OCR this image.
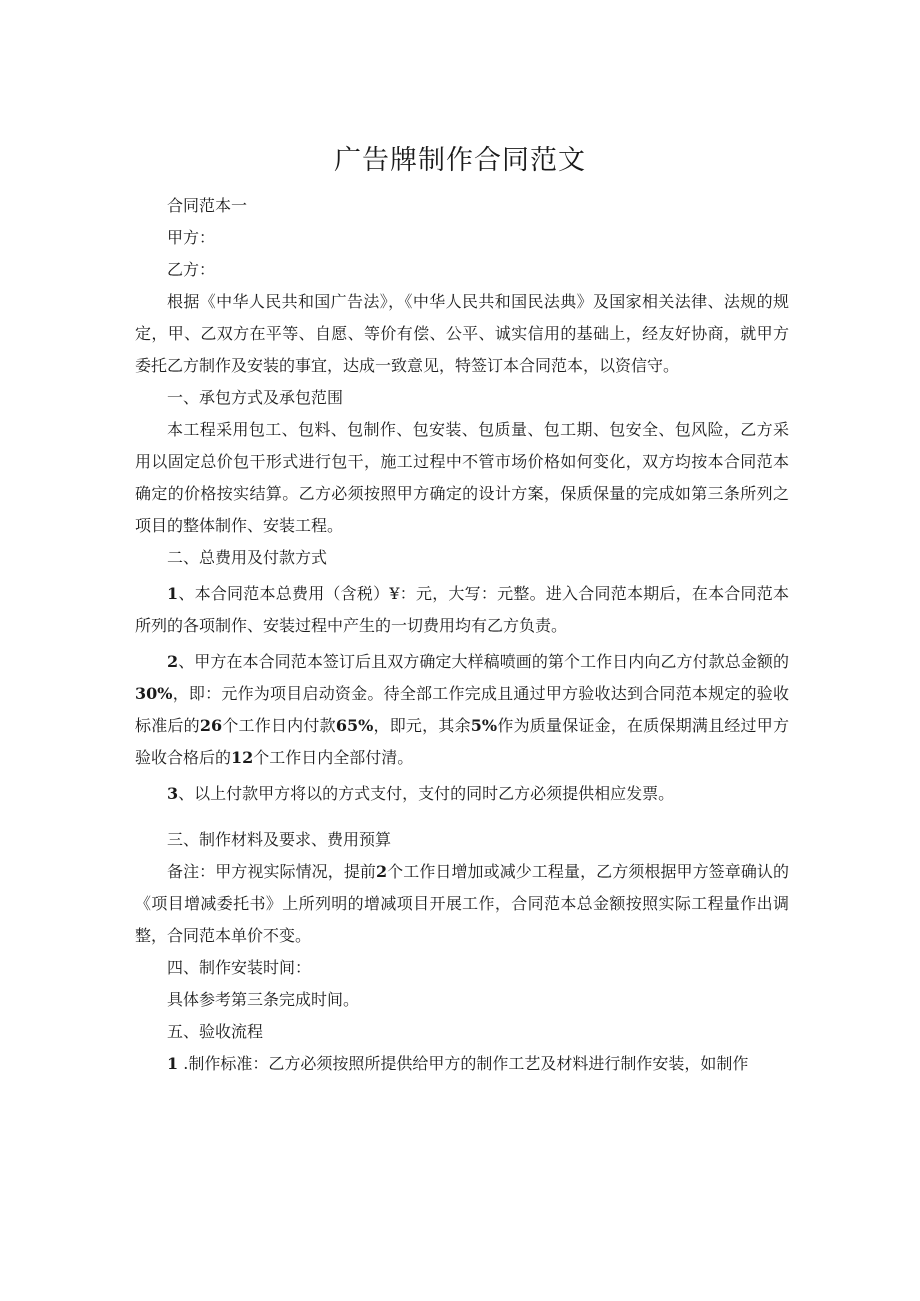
广告牌制作合同范文

合同范本一

甲方：

乙方：

根据《中华人民共和国广告法》，《中华人民共和国民法典》及国家相关法律、法规的规定，甲、乙双方在平等、自愿、等价有偿、公平、诚实信用的基础上，经友好协商，就甲方委托乙方制作及安装的事宜，达成一致意见，特签订本合同范本，以资信守。

一、承包方式及承包范围

本工程采用包工、包料、包制作、包安装、包质量、包工期、包安全、包风险，乙方采用以固定总价包干形式进行包干，施工过程中不管市场价格如何变化，双方均按本合同范本确定的价格按实结算。乙方必须按照甲方确定的设计方案，保质保量的完成如第三条所列之项目的整体制作、安装工程。

二、总费用及付款方式

1、本合同范本总费用（含税）¥：元，大写：元整。进入合同范本期后，在本合同范本所列的各项制作、安装过程中产生的一切费用均有乙方负责。

2、甲方在本合同范本签订后且双方确定大样稿喷画的第个工作日内向乙方付款总金额的30%，即：元作为项目启动资金。待全部工作完成且通过甲方验收达到合同范本规定的验收标准后的26个工作日内付款65%，即元，其余5%作为质量保证金，在质保期满且经过甲方验收合格后的12个工作日内全部付清。

3、以上付款甲方将以的方式支付，支付的同时乙方必须提供相应发票。

三、制作材料及要求、费用预算

备注：甲方视实际情况，提前2个工作日增加或减少工程量，乙方须根据甲方签章确认的《项目增减委托书》上所列明的增减项目开展工作，合同范本总金额按照实际工程量作出调整，合同范本单价不变。

四、制作安装时间：

具体参考第三条完成时间。

五、验收流程

1 .制作标准：乙方必须按照所提供给甲方的制作工艺及材料进行制作安装，如制作
